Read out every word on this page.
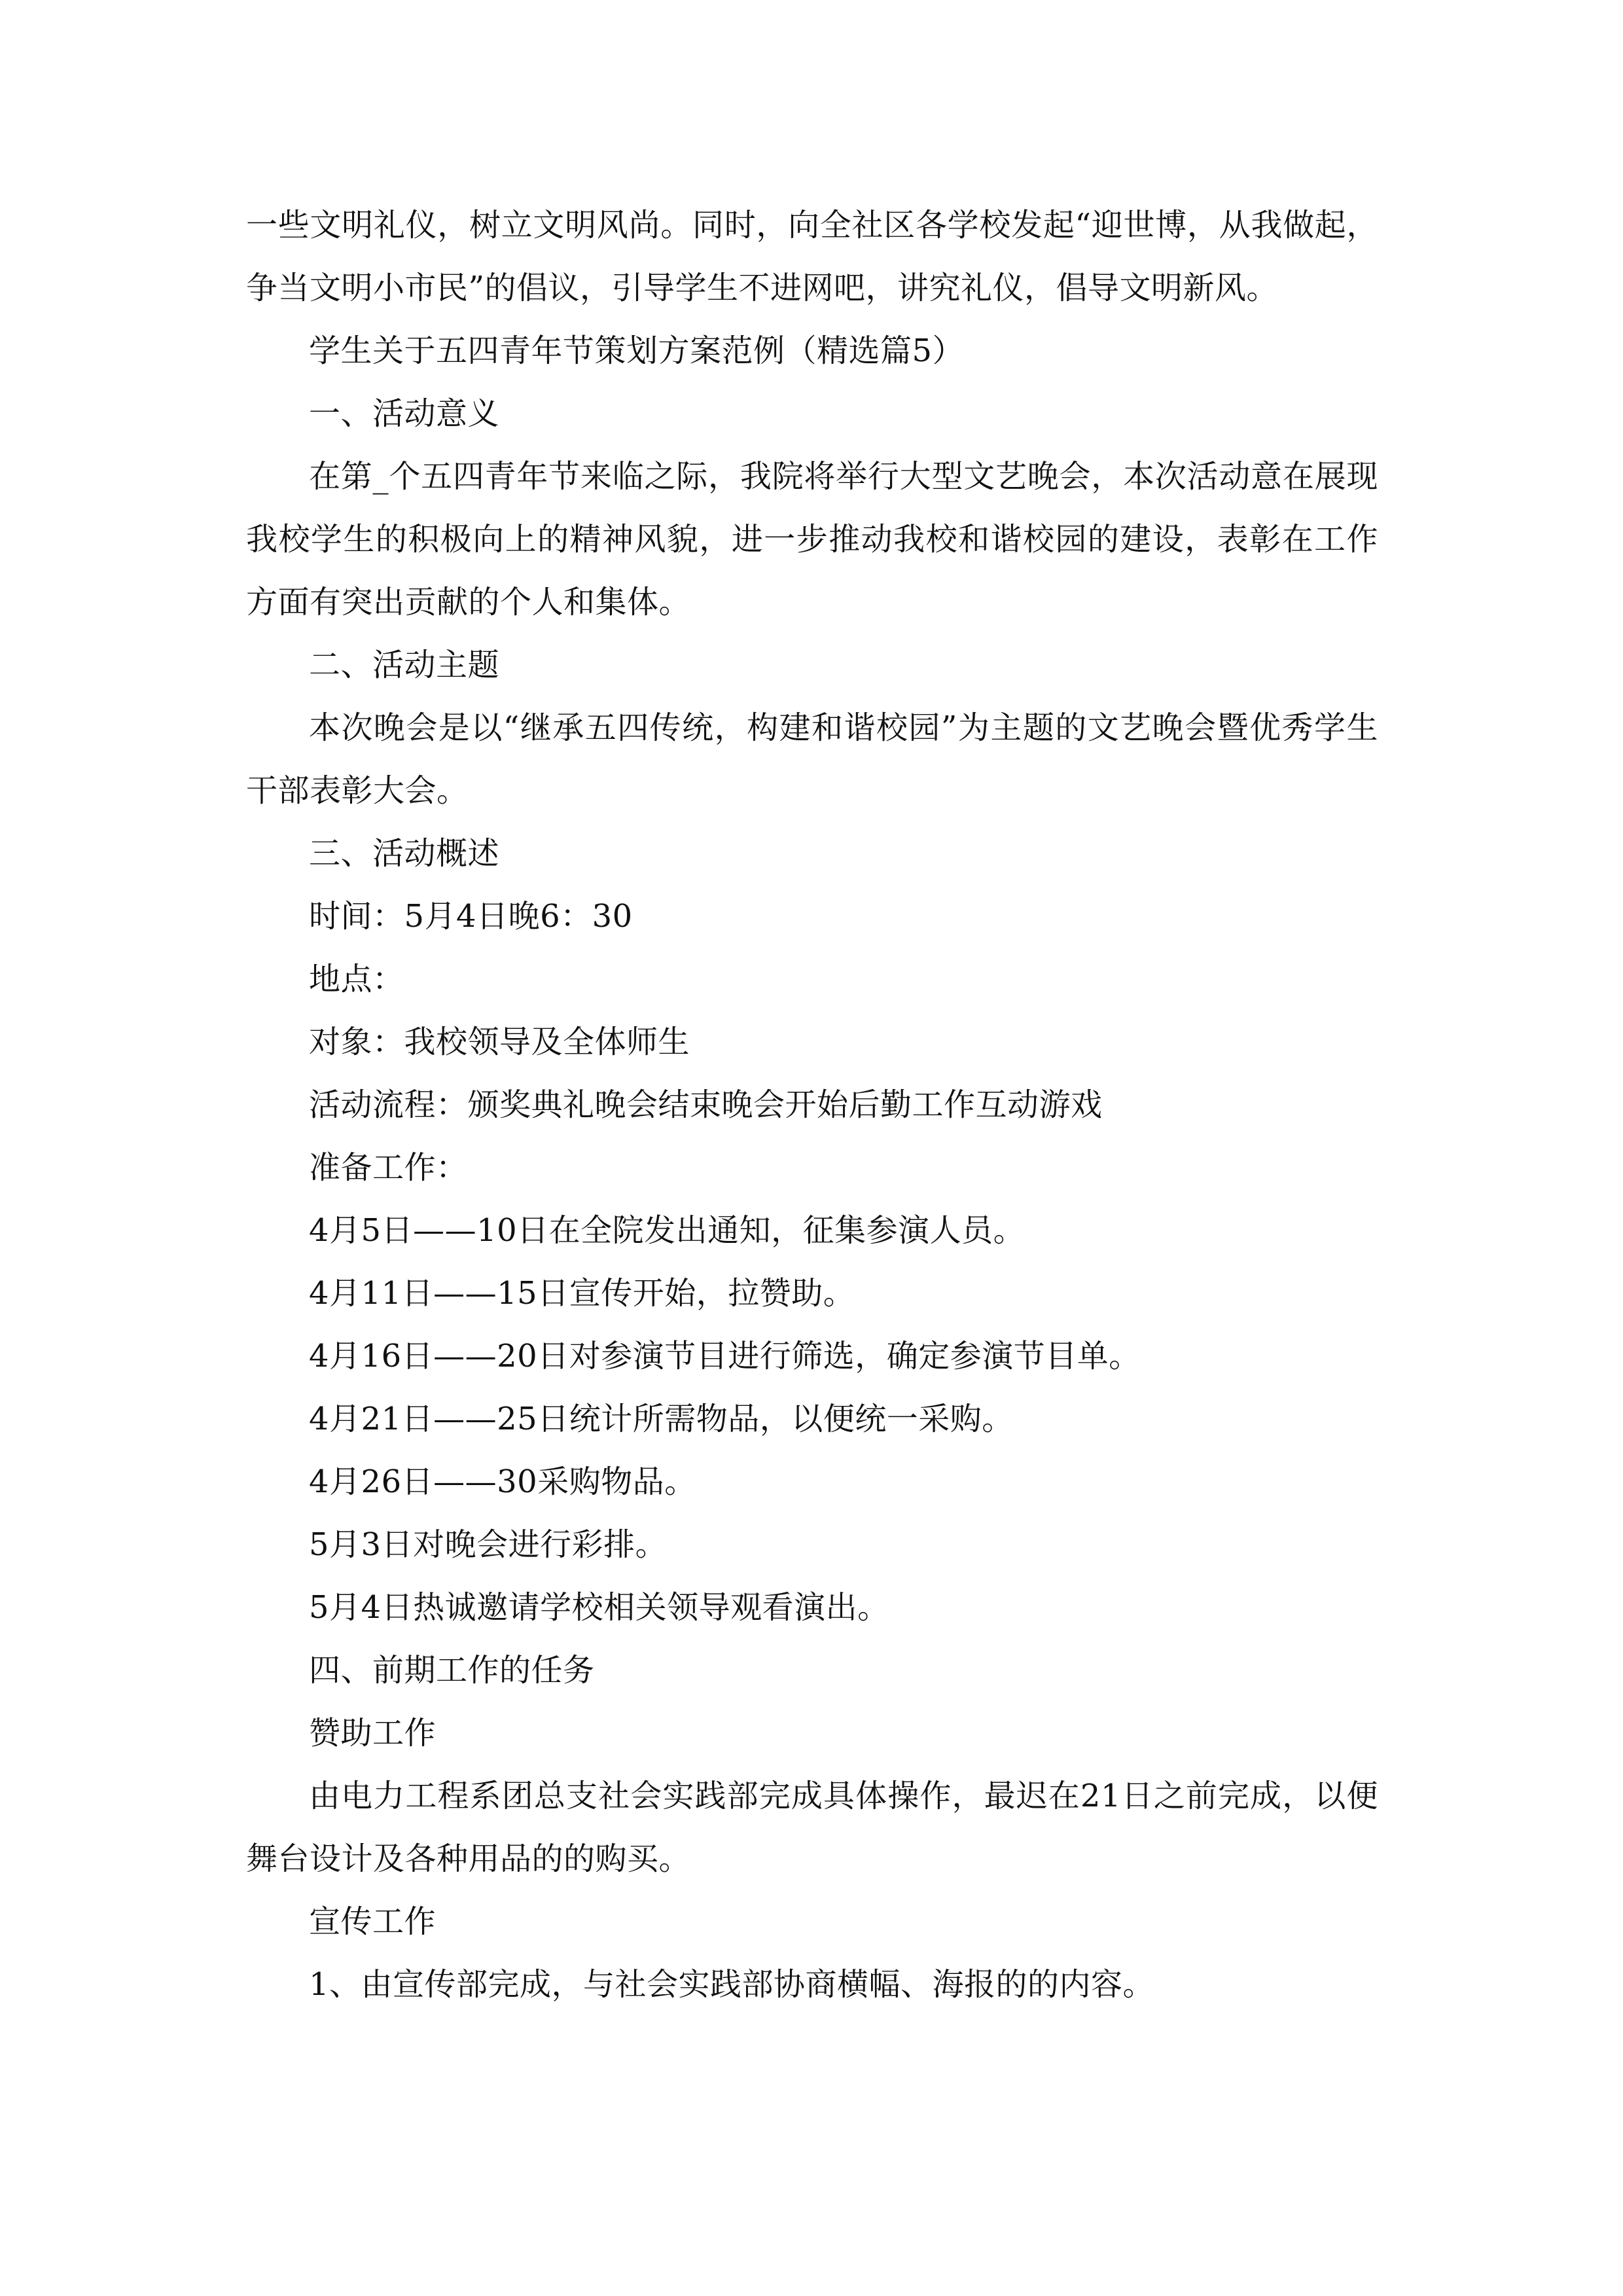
一些文明礼仪，树立文明风尚。同时，向全社区各学校发起“迎世博，从我做起，争当文明小市民”的倡议，引导学生不进网吧，讲究礼仪，倡导文明新风。

学生关于五四青年节策划方案范例（精选篇5）

一、活动意义

在第_个五四青年节来临之际，我院将举行大型文艺晚会，本次活动意在展现我校学生的积极向上的精神风貌，进一步推动我校和谐校园的建设，表彰在工作方面有突出贡献的个人和集体。

二、活动主题

本次晚会是以“继承五四传统，构建和谐校园”为主题的文艺晚会暨优秀学生干部表彰大会。

三、活动概述

时间：5月4日晚6：30

地点：

对象：我校领导及全体师生

活动流程：颁奖典礼晚会结束晚会开始后勤工作互动游戏

准备工作：

4月5日——10日在全院发出通知，征集参演人员。

4月11日——15日宣传开始，拉赞助。

4月16日——20日对参演节目进行筛选，确定参演节目单。

4月21日——25日统计所需物品，以便统一采购。

4月26日——30采购物品。

5月3日对晚会进行彩排。

5月4日热诚邀请学校相关领导观看演出。

四、前期工作的任务

赞助工作

由电力工程系团总支社会实践部完成具体操作，最迟在21日之前完成，以便舞台设计及各种用品的的购买。

宣传工作

1、由宣传部完成，与社会实践部协商横幅、海报的的内容。
